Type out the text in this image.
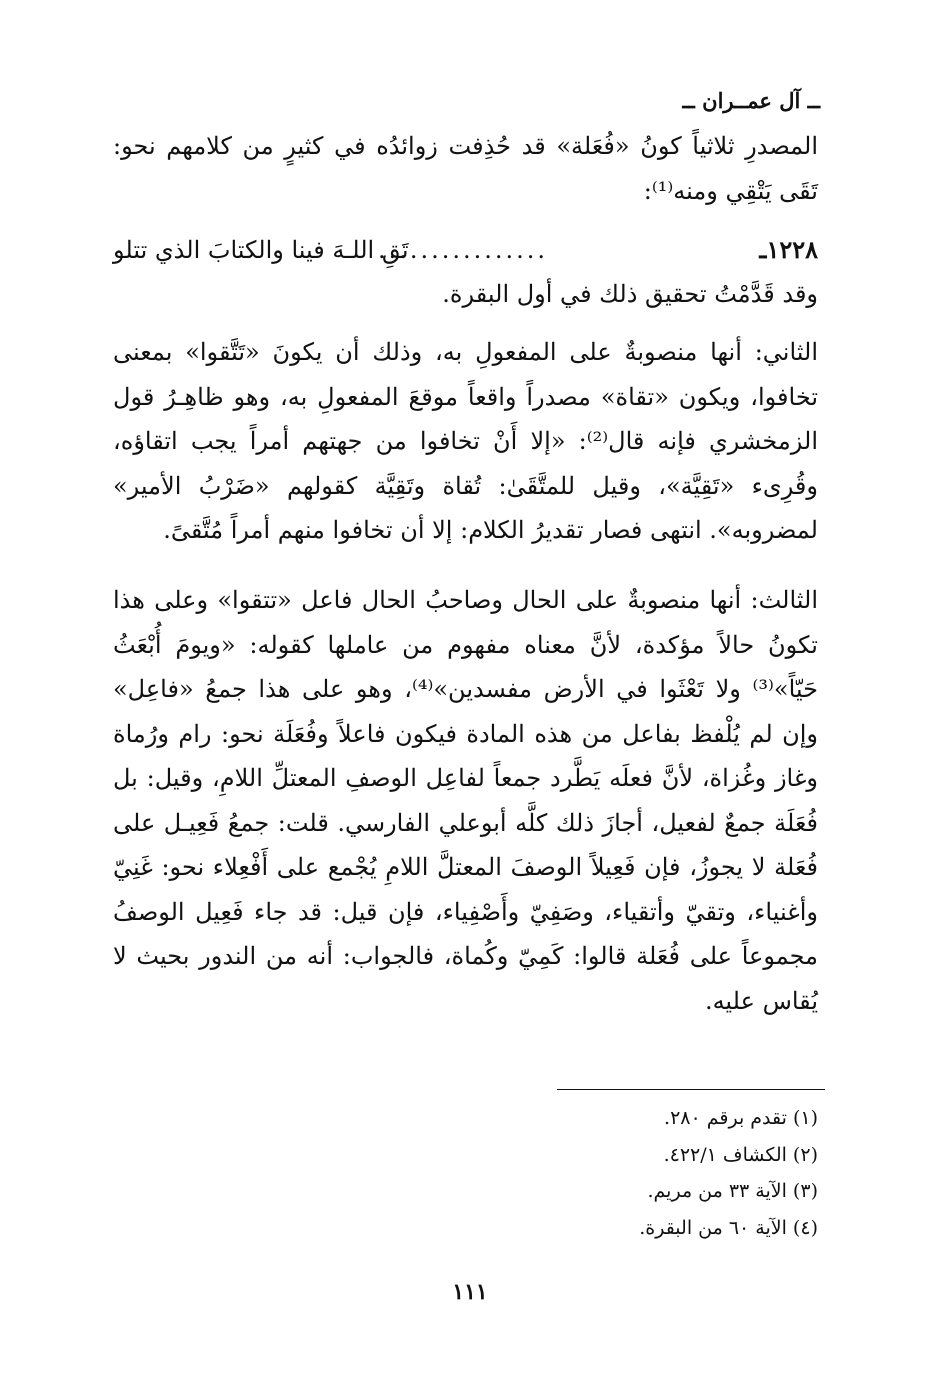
ــ آل عمــران ــ
المصدرِ ثلاثياً كونُ «فُعَلة» قد حُذِفت زوائدُه في كثيرٍ من كلامهم نحو: تَقَى يَتْقِي ومنه⁽¹⁾:
١٢٢٨ـ
................
تَقِ اللـهَ فينا والكتابَ الذي تتلو
وقد قَدَّمْتُ تحقيق ذلك في أول البقرة.
الثاني: أنها منصوبةٌ على المفعولِ به، وذلك أن يكونَ «تَتَّقوا» بمعنى تخافوا، ويكون «تقاة» مصدراً واقعاً موقعَ المفعولِ به، وهو ظاهِـرُ قول الزمخشري فإنه قال⁽²⁾: «إلا أَنْ تخافوا من جهتهم أمراً يجب اتقاؤه، وقُرِىء «تَقِيَّة»، وقيل للمتَّقَىٰ: تُقاة وتَقِيَّة كقولهم «ضَرْبُ الأمير» لمضروبه». انتهى فصار تقديرُ الكلام: إلا أن تخافوا منهم أمراً مُتَّقىً.
الثالث: أنها منصوبةٌ على الحال وصاحبُ الحال فاعل «تتقوا» وعلى هذا تكونُ حالاً مؤكدة، لأنَّ معناه مفهوم من عاملها كقوله: «ويومَ أُبْعَثُ حَيّاً»⁽³⁾ ولا تَعْثَوا في الأرض مفسدين»⁽⁴⁾، وهو على هذا جمعُ «فاعِل» وإن لم يُلْفظ بفاعل من هذه المادة فيكون فاعلاً وفُعَلَة نحو: رام ورُماة وغاز وغُزاة، لأنَّ فعلَه يَطَّرد جمعاً لفاعِل الوصفِ المعتلِّ اللامِ، وقيل: بل فُعَلَة جمعٌ لفعيل، أجازَ ذلك كلَّه أبوعلي الفارسي. قلت: جمعُ فَعِيـل على فُعَلة لا يجوزُ، فإن فَعِيلاً الوصفَ المعتلَّ اللامِ يُجْمع على أَفْعِلاء نحو: غَنِيّ وأغنياء، وتقيّ وأتقياء، وصَفِيّ وأَصْفِياء، فإن قيل: قد جاء فَعِيل الوصفُ مجموعاً على فُعَلة قالوا: كَمِيّ وكُماة، فالجواب: أنه من الندور بحيث لا يُقاس عليه.
(١) تقدم برقم ٢٨٠.
(٢) الكشاف ٤٢٢/١.
(٣) الآية ٣٣ من مريم.
(٤) الآية ٦٠ من البقرة.
١١١
